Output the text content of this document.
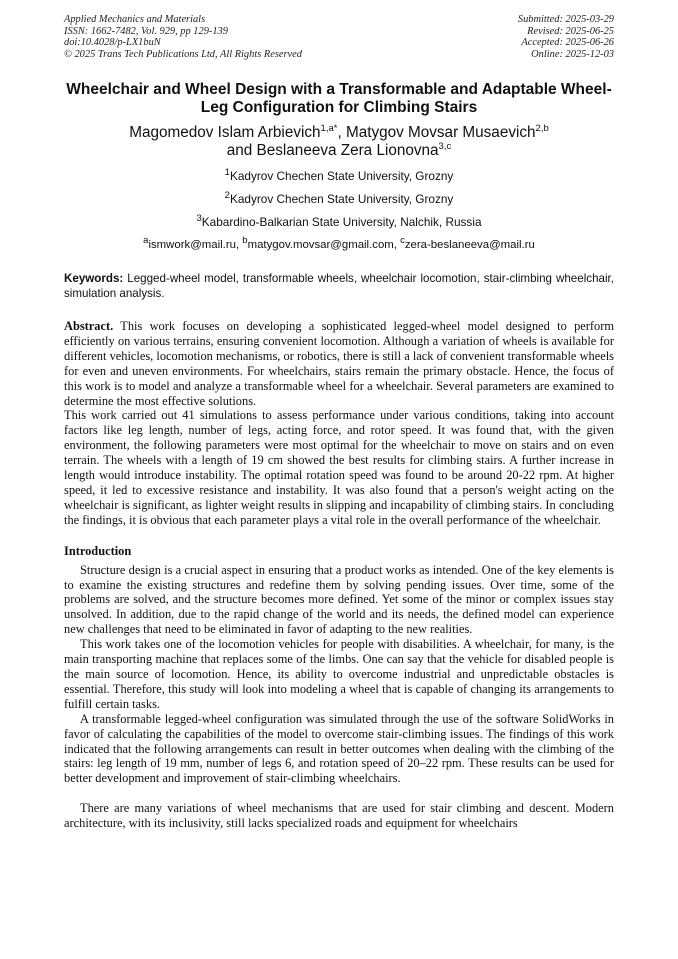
Applied Mechanics and Materials
ISSN: 1662-7482, Vol. 929, pp 129-139
doi:10.4028/p-LX1buN
© 2025 Trans Tech Publications Ltd, All Rights Reserved
Submitted: 2025-03-29
Revised: 2025-06-25
Accepted: 2025-06-26
Online: 2025-12-03
Wheelchair and Wheel Design with a Transformable and Adaptable Wheel-Leg Configuration for Climbing Stairs
Magomedov Islam Arbievich$^{1,a*}$, Matygov Movsar Musaevich$^{2,b}$
and Beslaneeva Zera Lionovna$^{3,c}$
$^1$Kadyrov Chechen State University, Grozny
$^2$Kadyrov Chechen State University, Grozny
$^3$Kabardino-Balkarian State University, Nalchik, Russia
$^a$ismwork@mail.ru, $^b$matygov.movsar@gmail.com, $^c$zera-beslaneeva@mail.ru
Keywords: Legged-wheel model, transformable wheels, wheelchair locomotion, stair-climbing wheelchair, simulation analysis.

Abstract. This work focuses on developing a sophisticated legged-wheel model designed to perform efficiently on various terrains, ensuring convenient locomotion. Although a variation of wheels is available for different vehicles, locomotion mechanisms, or robotics, there is still a lack of convenient transformable wheels for even and uneven environments. For wheelchairs, stairs remain the primary obstacle. Hence, the focus of this work is to model and analyze a transformable wheel for a wheelchair. Several parameters are examined to determine the most effective solutions.

This work carried out 41 simulations to assess performance under various conditions, taking into account factors like leg length, number of legs, acting force, and rotor speed. It was found that, with the given environment, the following parameters were most optimal for the wheelchair to move on stairs and on even terrain. The wheels with a length of 19 cm showed the best results for climbing stairs. A further increase in length would introduce instability. The optimal rotation speed was found to be around 20-22 rpm. At higher speed, it led to excessive resistance and instability. It was also found that a person's weight acting on the wheelchair is significant, as lighter weight results in slipping and incapability of climbing stairs. In concluding the findings, it is obvious that each parameter plays a vital role in the overall performance of the wheelchair.

Introduction

Structure design is a crucial aspect in ensuring that a product works as intended. One of the key elements is to examine the existing structures and redefine them by solving pending issues. Over time, some of the problems are solved, and the structure becomes more defined. Yet some of the minor or complex issues stay unsolved. In addition, due to the rapid change of the world and its needs, the defined model can experience new challenges that need to be eliminated in favor of adapting to the new realities.

This work takes one of the locomotion vehicles for people with disabilities. A wheelchair, for many, is the main transporting machine that replaces some of the limbs. One can say that the vehicle for disabled people is the main source of locomotion. Hence, its ability to overcome industrial and unpredictable obstacles is essential. Therefore, this study will look into modeling a wheel that is capable of changing its arrangements to fulfill certain tasks.

A transformable legged-wheel configuration was simulated through the use of the software SolidWorks in favor of calculating the capabilities of the model to overcome stair-climbing issues. The findings of this work indicated that the following arrangements can result in better outcomes when dealing with the climbing of the stairs: leg length of 19 mm, number of legs 6, and rotation speed of 20–22 rpm. These results can be used for better development and improvement of stair-climbing wheelchairs.

There are many variations of wheel mechanisms that are used for stair climbing and descent. Modern architecture, with its inclusivity, still lacks specialized roads and equipment for wheelchairs
